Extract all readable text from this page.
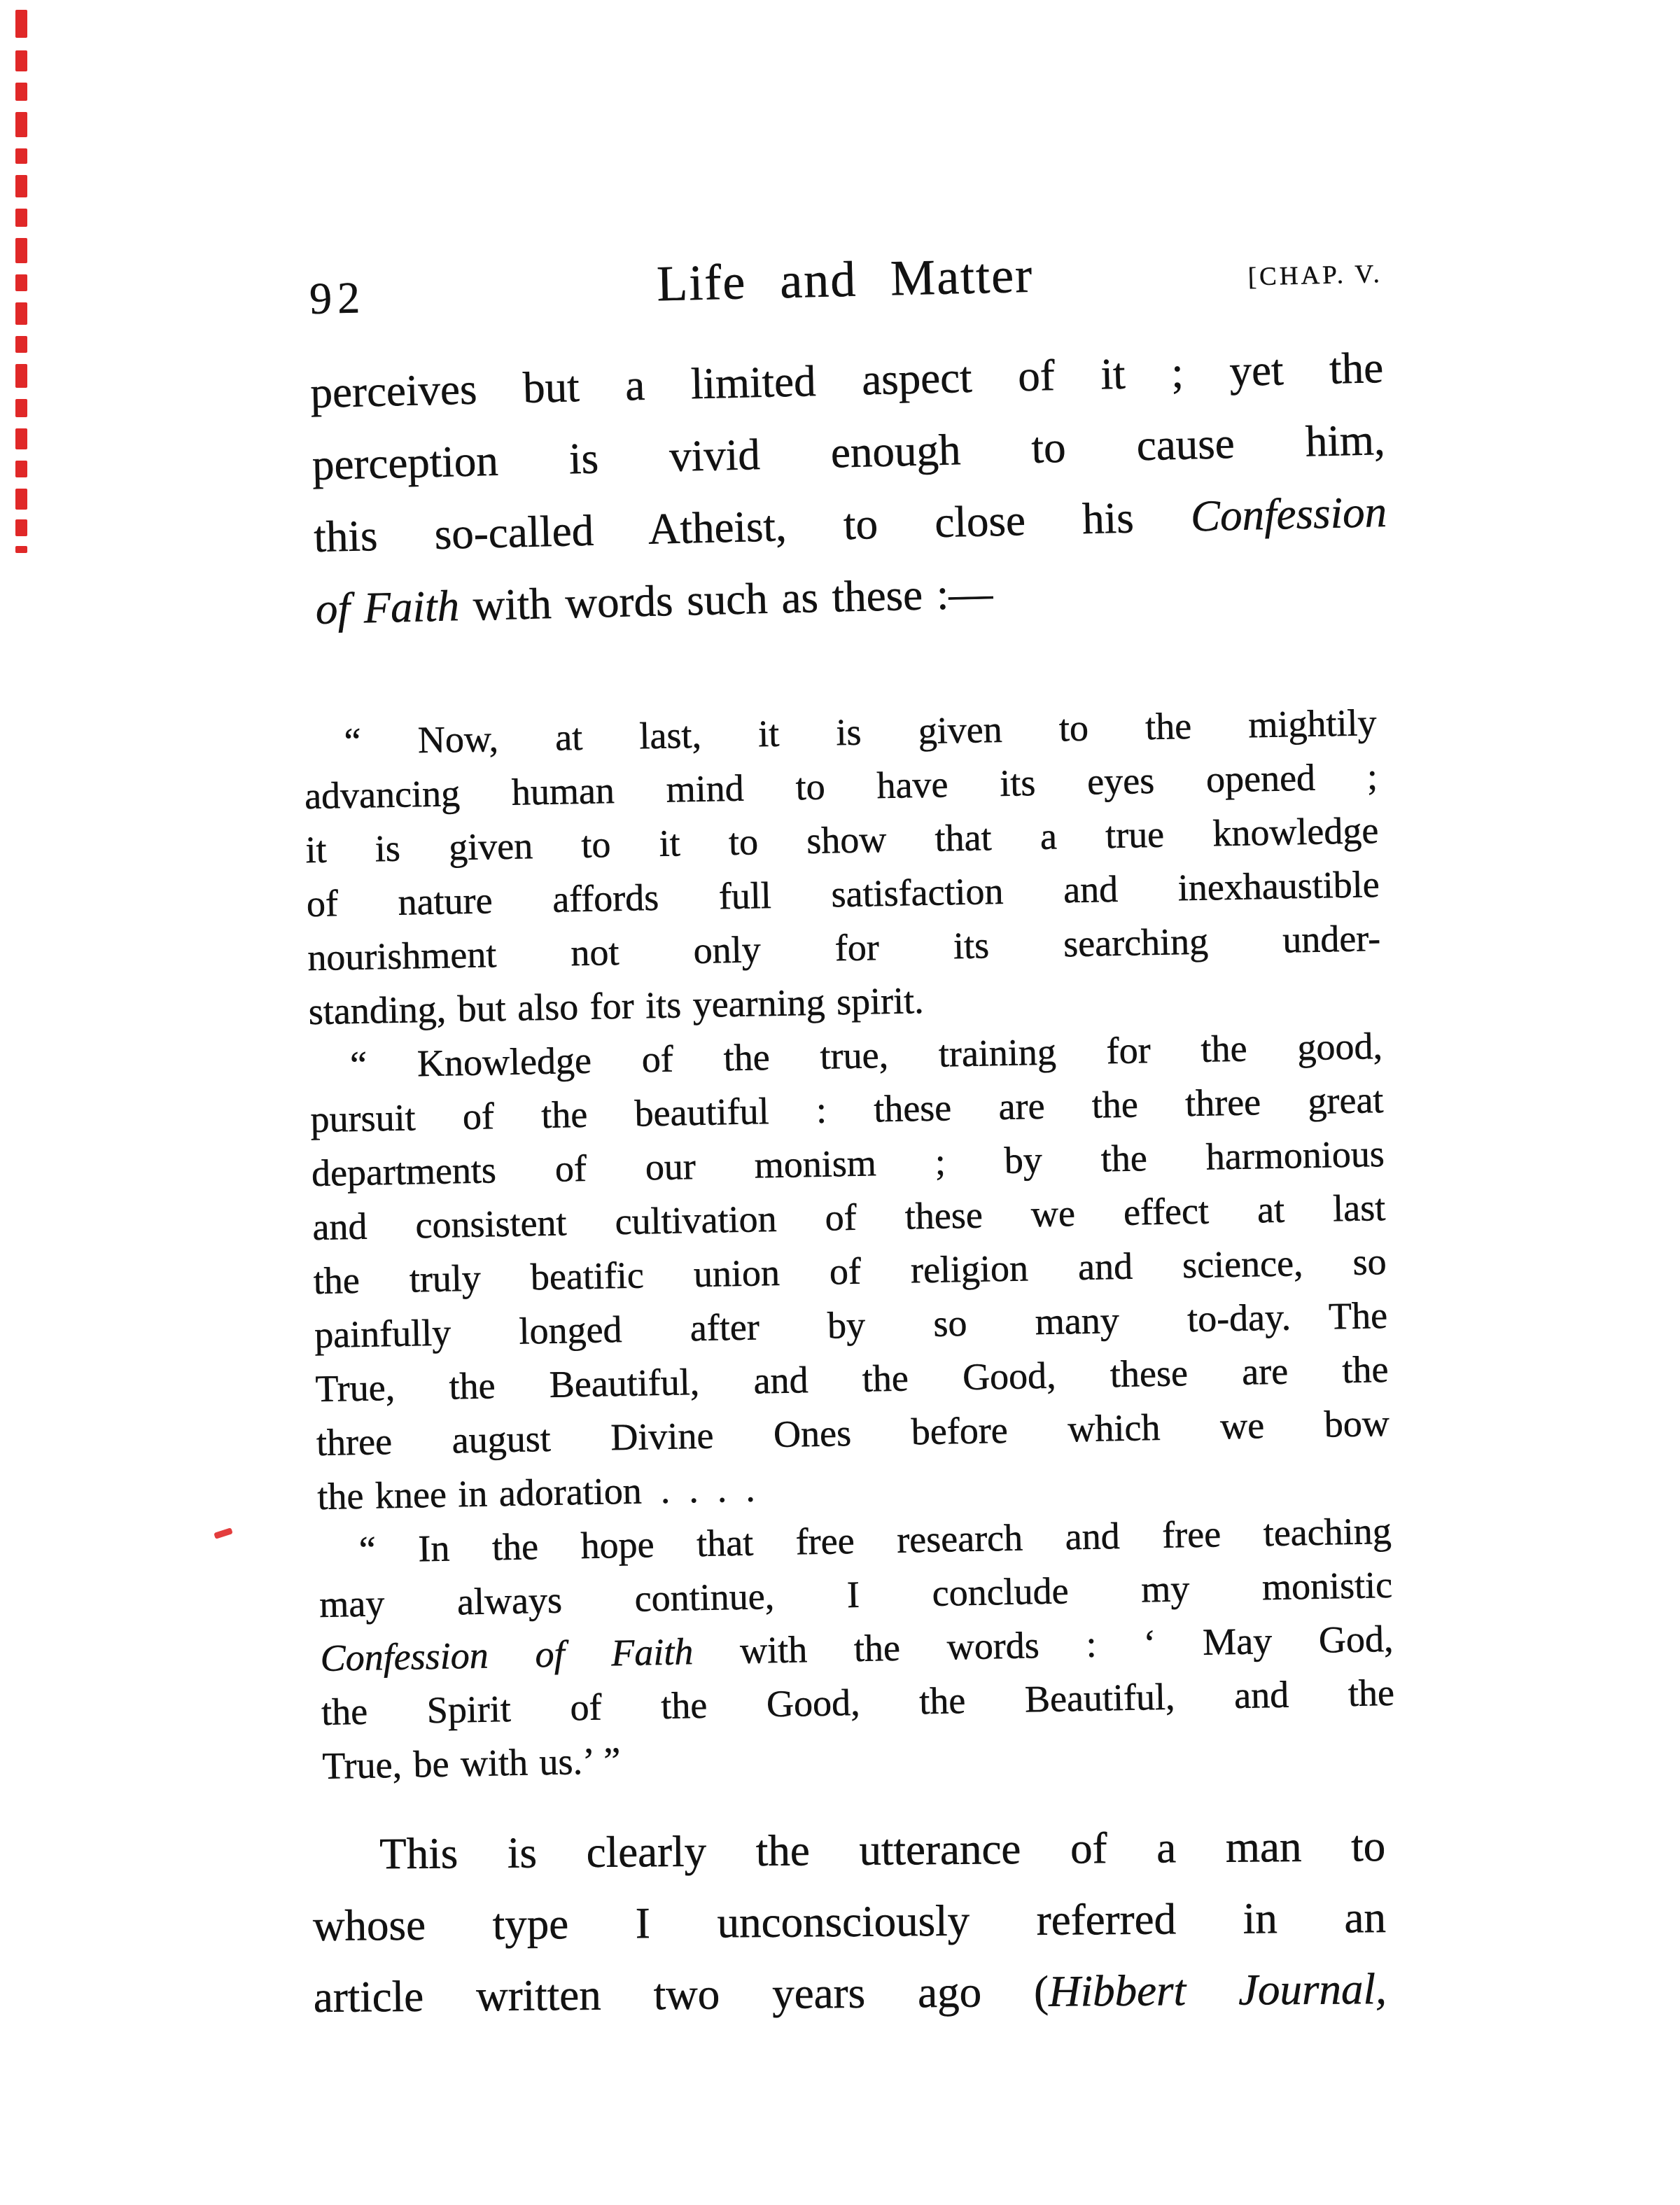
92	Life and Matter	[CHAP. V.
perceives but a limited aspect of it ; yet the
perception is vivid enough to cause him,
this so-called Atheist, to close his Confession
of Faith with words such as these :—
“ Now, at last, it is given to the mightily
advancing human mind to have its eyes opened ;
it is given to it to show that a true knowledge
of nature affords full satisfaction and inexhaustible
nourishment not only for its searching under-
standing, but also for its yearning spirit.
“ Knowledge of the true, training for the good,
pursuit of the beautiful : these are the three great
departments of our monism ; by the harmonious
and consistent cultivation of these we effect at last
the truly beatific union of religion and science, so
painfully longed after by so many to-day. The
True, the Beautiful, and the Good, these are the
three august Divine Ones before which we bow
the knee in adoration . . . .
“ In the hope that free research and free teaching
may always continue, I conclude my monistic
Confession of Faith with the words : ‘ May God,
the Spirit of the Good, the Beautiful, and the
True, be with us.’ ”
This is clearly the utterance of a man to
whose type I unconsciously referred in an
article written two years ago (Hibbert Journal,
